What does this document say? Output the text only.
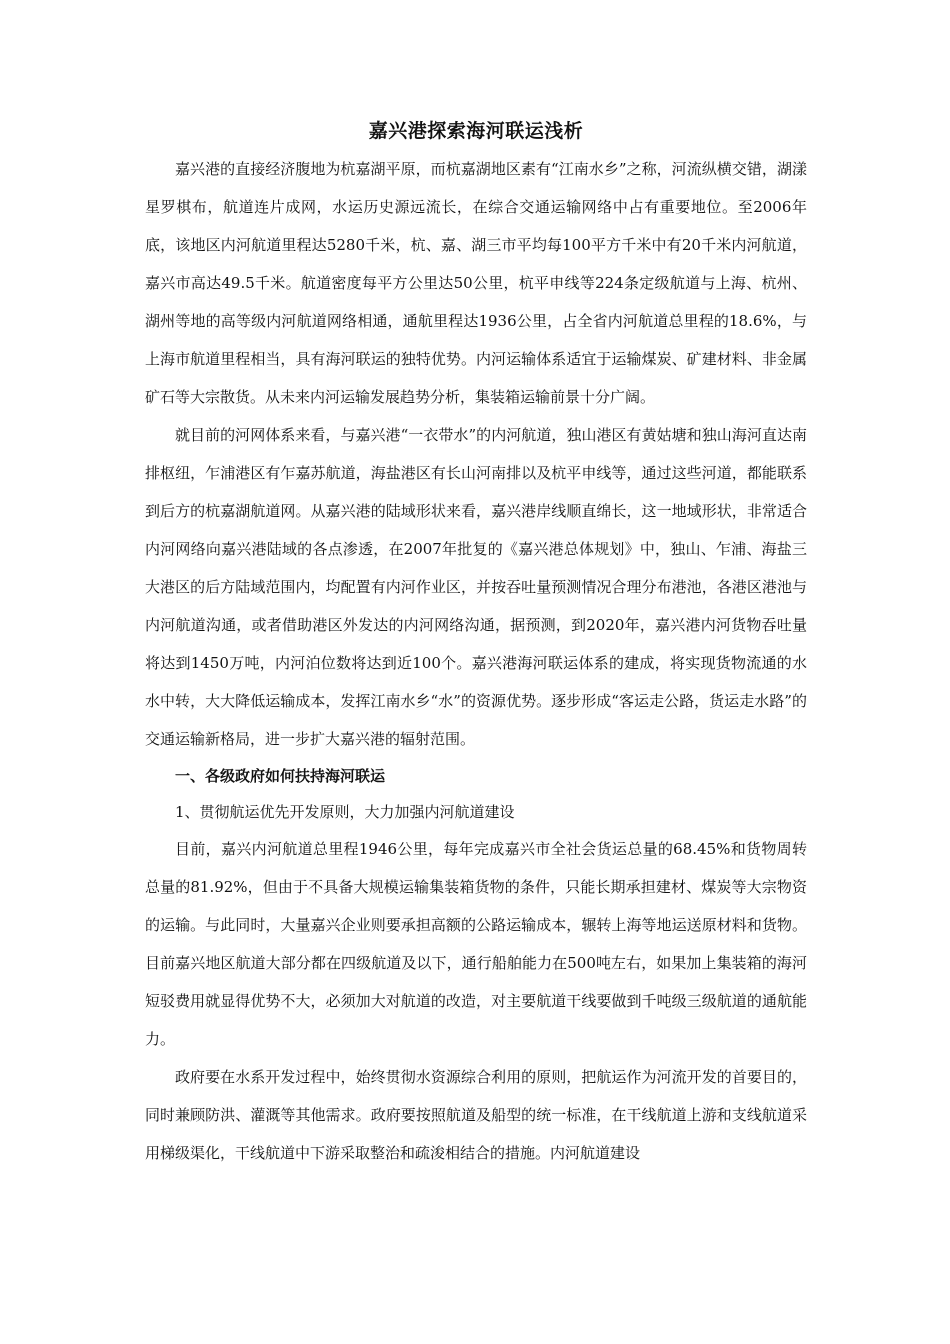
嘉兴港探索海河联运浅析

嘉兴港的直接经济腹地为杭嘉湖平原，而杭嘉湖地区素有“江南水乡”之称，河流纵横交错，湖漾星罗棋布，航道连片成网，水运历史源远流长，在综合交通运输网络中占有重要地位。至2006年底，该地区内河航道里程达5280千米，杭、嘉、湖三市平均每100平方千米中有20千米内河航道，嘉兴市高达49.5千米。航道密度每平方公里达50公里，杭平申线等224条定级航道与上海、杭州、湖州等地的高等级内河航道网络相通，通航里程达1936公里，占全省内河航道总里程的18.6%，与上海市航道里程相当，具有海河联运的独特优势。内河运输体系适宜于运输煤炭、矿建材料、非金属矿石等大宗散货。从未来内河运输发展趋势分析，集装箱运输前景十分广阔。

就目前的河网体系来看，与嘉兴港“一衣带水”的内河航道，独山港区有黄姑塘和独山海河直达南排枢纽，乍浦港区有乍嘉苏航道，海盐港区有长山河南排以及杭平申线等，通过这些河道，都能联系到后方的杭嘉湖航道网。从嘉兴港的陆域形状来看，嘉兴港岸线顺直绵长，这一地域形状，非常适合内河网络向嘉兴港陆域的各点渗透，在2007年批复的《嘉兴港总体规划》中，独山、乍浦、海盐三大港区的后方陆域范围内，均配置有内河作业区，并按吞吐量预测情况合理分布港池，各港区港池与内河航道沟通，或者借助港区外发达的内河网络沟通，据预测，到2020年，嘉兴港内河货物吞吐量将达到1450万吨，内河泊位数将达到近100个。嘉兴港海河联运体系的建成，将实现货物流通的水水中转，大大降低运输成本，发挥江南水乡“水”的资源优势。逐步形成“客运走公路，货运走水路”的交通运输新格局，进一步扩大嘉兴港的辐射范围。

一、各级政府如何扶持海河联运

1、贯彻航运优先开发原则，大力加强内河航道建设

目前，嘉兴内河航道总里程1946公里，每年完成嘉兴市全社会货运总量的68.45%和货物周转总量的81.92%，但由于不具备大规模运输集装箱货物的条件，只能长期承担建材、煤炭等大宗物资的运输。与此同时，大量嘉兴企业则要承担高额的公路运输成本，辗转上海等地运送原材料和货物。目前嘉兴地区航道大部分都在四级航道及以下，通行船舶能力在500吨左右，如果加上集装箱的海河短驳费用就显得优势不大，必须加大对航道的改造，对主要航道干线要做到千吨级三级航道的通航能力。

政府要在水系开发过程中，始终贯彻水资源综合利用的原则，把航运作为河流开发的首要目的，同时兼顾防洪、灌溉等其他需求。政府要按照航道及船型的统一标准，在干线航道上游和支线航道采用梯级渠化，干线航道中下游采取整治和疏浚相结合的措施。内河航道建设
